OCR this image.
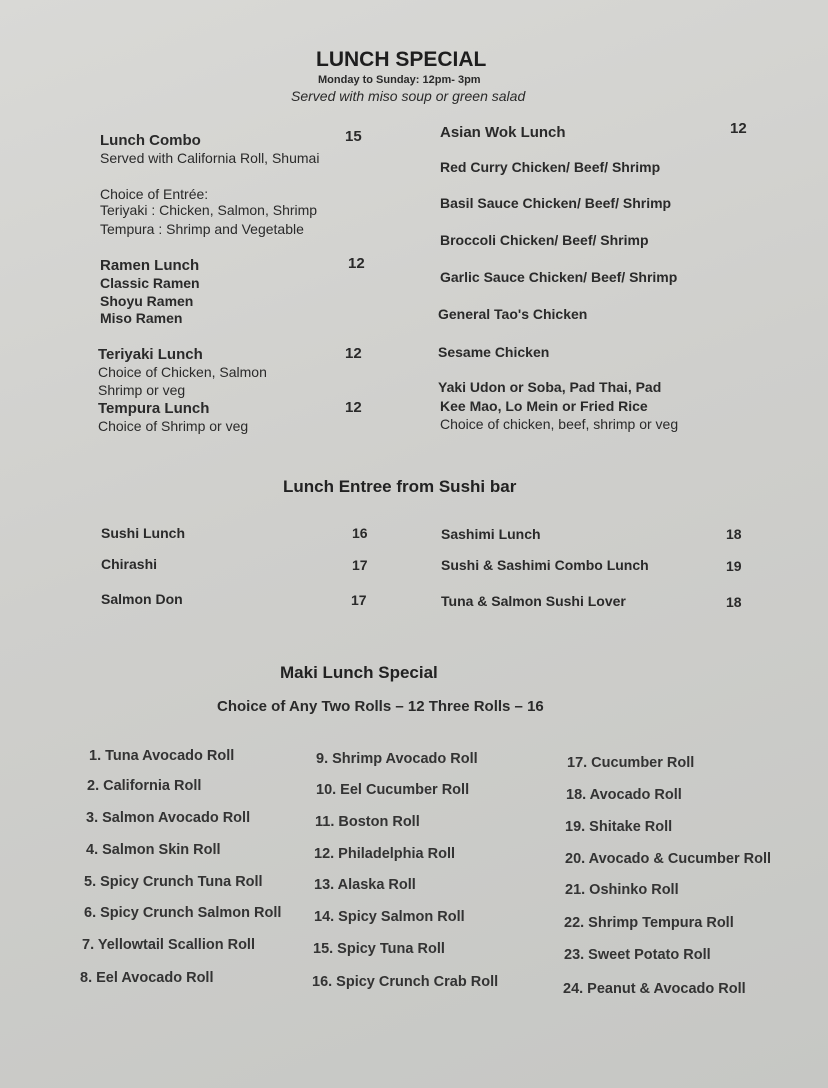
LUNCH SPECIAL
Monday to Sunday: 12pm- 3pm
Served with miso soup or green salad
Lunch Combo	15
Served with California Roll, Shumai
Choice of Entrée:
Teriyaki : Chicken, Salmon, Shrimp
Tempura : Shrimp and Vegetable
Ramen Lunch	12
Classic Ramen
Shoyu Ramen
Miso Ramen
Teriyaki Lunch	12
Choice of Chicken, Salmon
Shrimp or veg
Tempura Lunch	12
Choice of Shrimp or veg
Asian Wok Lunch	12
Red Curry Chicken/ Beef/ Shrimp
Basil Sauce Chicken/ Beef/ Shrimp
Broccoli Chicken/ Beef/ Shrimp
Garlic Sauce Chicken/ Beef/ Shrimp
General Tao's Chicken
Sesame Chicken
Yaki Udon or Soba, Pad Thai, Pad
Kee Mao, Lo Mein or Fried Rice
Choice of chicken, beef, shrimp or veg
Lunch Entree from Sushi bar
Sushi Lunch	16
Chirashi	17
Salmon Don	17
Sashimi Lunch	18
Sushi & Sashimi Combo Lunch	19
Tuna & Salmon Sushi Lover	18
Maki Lunch Special
Choice of Any Two Rolls – 12 Three Rolls – 16
1. Tuna Avocado Roll
2. California Roll
3. Salmon Avocado Roll
4. Salmon Skin Roll
5. Spicy Crunch Tuna Roll
6. Spicy Crunch Salmon Roll
7. Yellowtail Scallion Roll
8. Eel Avocado Roll
9. Shrimp Avocado Roll
10. Eel Cucumber Roll
11. Boston Roll
12. Philadelphia Roll
13. Alaska Roll
14. Spicy Salmon Roll
15. Spicy Tuna Roll
16. Spicy Crunch Crab Roll
17. Cucumber Roll
18. Avocado Roll
19. Shitake Roll
20. Avocado & Cucumber Roll
21. Oshinko Roll
22. Shrimp Tempura Roll
23. Sweet Potato Roll
24. Peanut & Avocado Roll
